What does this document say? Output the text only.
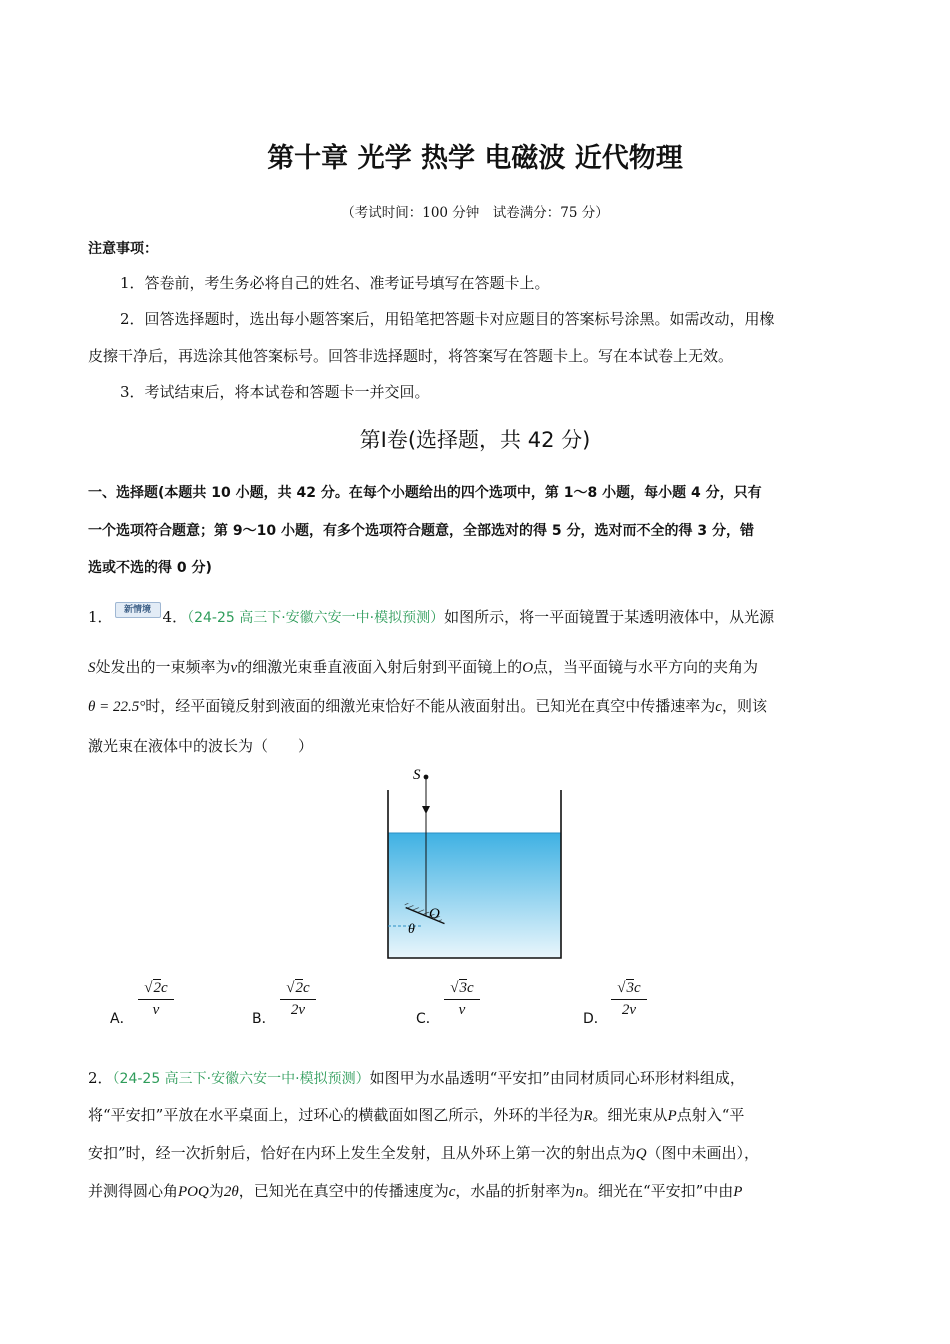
第十章 光学 热学 电磁波 近代物理
（考试时间：100 分钟　试卷满分：75 分）
注意事项：
1．答卷前，考生务必将自己的姓名、准考证号填写在答题卡上。
2．回答选择题时，选出每小题答案后，用铅笔把答题卡对应题目的答案标号涂黑。如需改动，用橡
皮擦干净后，再选涂其他答案标号。回答非选择题时，将答案写在答题卡上。写在本试卷上无效。
3．考试结束后，将本试卷和答题卡一并交回。
第Ⅰ卷(选择题，共 42 分)
一、选择题(本题共 10 小题，共 42 分。在每个小题给出的四个选项中，第 1～8 小题，每小题 4 分，只有
一个选项符合题意；第 9～10 小题，有多个选项符合题意，全部选对的得 5 分，选对而不全的得 3 分，错
选或不选的得 0 分)
1． 新情境 4．（24-25 高三下·安徽六安一中·模拟预测）如图所示，将一平面镜置于某透明液体中，从光源
S处发出的一束频率为ν的细激光束垂直液面入射后射到平面镜上的O点，当平面镜与水平方向的夹角为
θ = 22.5°时，经平面镜反射到液面的细激光束恰好不能从液面射出。已知光在真空中传播速率为c，则该
激光束在液体中的波长为（　　）
S
O
θ
A．
√2c
ν
B．
√2c
2ν
C．
√3c
ν
D．
√3c
2ν
2．（24-25 高三下·安徽六安一中·模拟预测）如图甲为水晶透明“平安扣”由同材质同心环形材料组成，
将“平安扣”平放在水平桌面上，过环心的横截面如图乙所示，外环的半径为R。细光束从P点射入“平
安扣”时，经一次折射后，恰好在内环上发生全发射，且从外环上第一次的射出点为Q（图中未画出），
并测得圆心角POQ为2θ，已知光在真空中的传播速度为c，水晶的折射率为n。细光在“平安扣”中由P
